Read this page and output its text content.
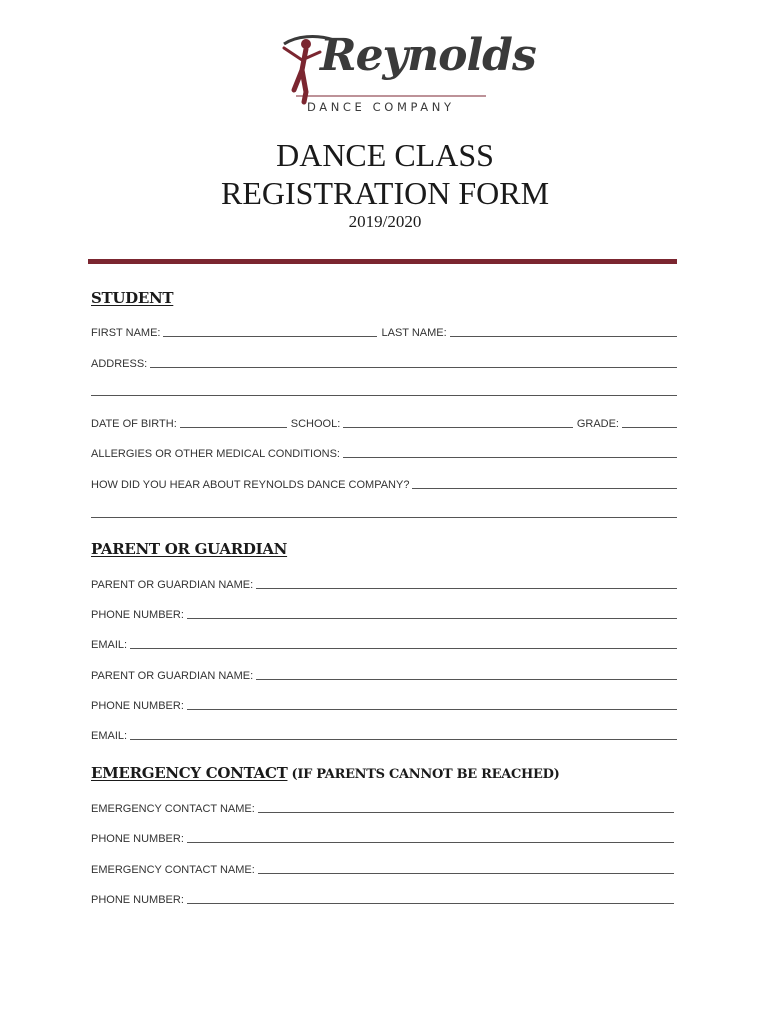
Reynolds
DANCE COMPANY
DANCE CLASS
REGISTRATION FORM
2019/2020
STUDENT
FIRST NAME:	LAST NAME:
ADDRESS:
DATE OF BIRTH:	SCHOOL:	GRADE:
ALLERGIES OR OTHER MEDICAL CONDITIONS:
HOW DID YOU HEAR ABOUT REYNOLDS DANCE COMPANY?
PARENT OR GUARDIAN
PARENT OR GUARDIAN NAME:
PHONE NUMBER:
EMAIL:
PARENT OR GUARDIAN NAME:
PHONE NUMBER:
EMAIL:
EMERGENCY CONTACT (IF PARENTS CANNOT BE REACHED)
EMERGENCY CONTACT NAME:
PHONE NUMBER:
EMERGENCY CONTACT NAME:
PHONE NUMBER:
